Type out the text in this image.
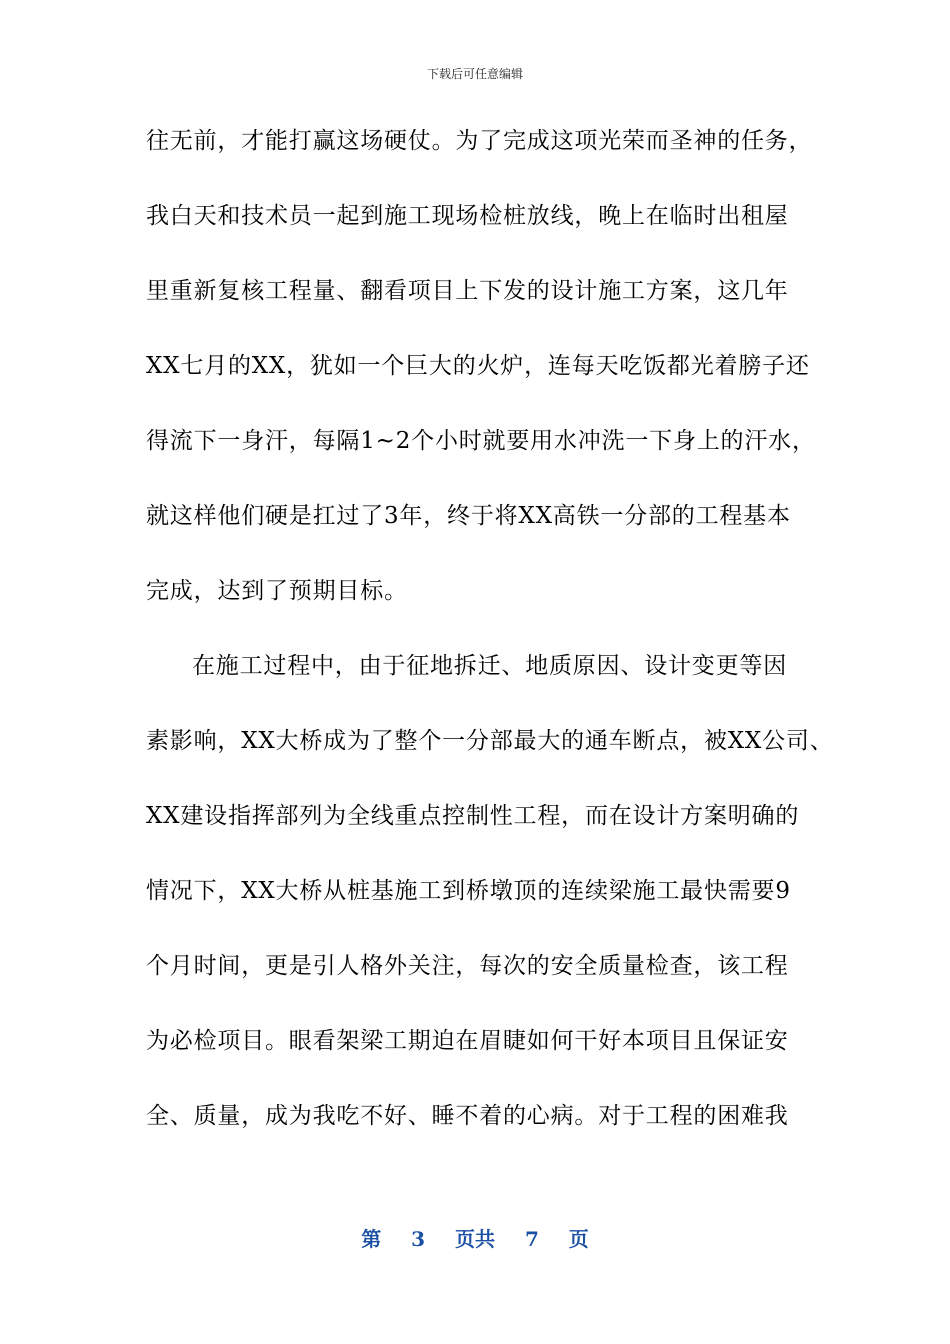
下载后可任意编辑
往无前，才能打赢这场硬仗。为了完成这项光荣而圣神的任务，
我白天和技术员一起到施工现场检桩放线，晚上在临时出租屋
里重新复核工程量、翻看项目上下发的设计施工方案，这几年
XX七月的XX，犹如一个巨大的火炉，连每天吃饭都光着膀子还
得流下一身汗，每隔1~2个小时就要用水冲洗一下身上的汗水，
就这样他们硬是扛过了3年，终于将XX高铁一分部的工程基本
完成，达到了预期目标。
在施工过程中，由于征地拆迁、地质原因、设计变更等因
素影响，XX大桥成为了整个一分部最大的通车断点，被XX公司、
XX建设指挥部列为全线重点控制性工程，而在设计方案明确的
情况下，XX大桥从桩基施工到桥墩顶的连续梁施工最快需要9
个月时间，更是引人格外关注，每次的安全质量检查，该工程
为必检项目。眼看架梁工期迫在眉睫如何干好本项目且保证安
全、质量，成为我吃不好、睡不着的心病。对于工程的困难我
第 3 页共 7 页
